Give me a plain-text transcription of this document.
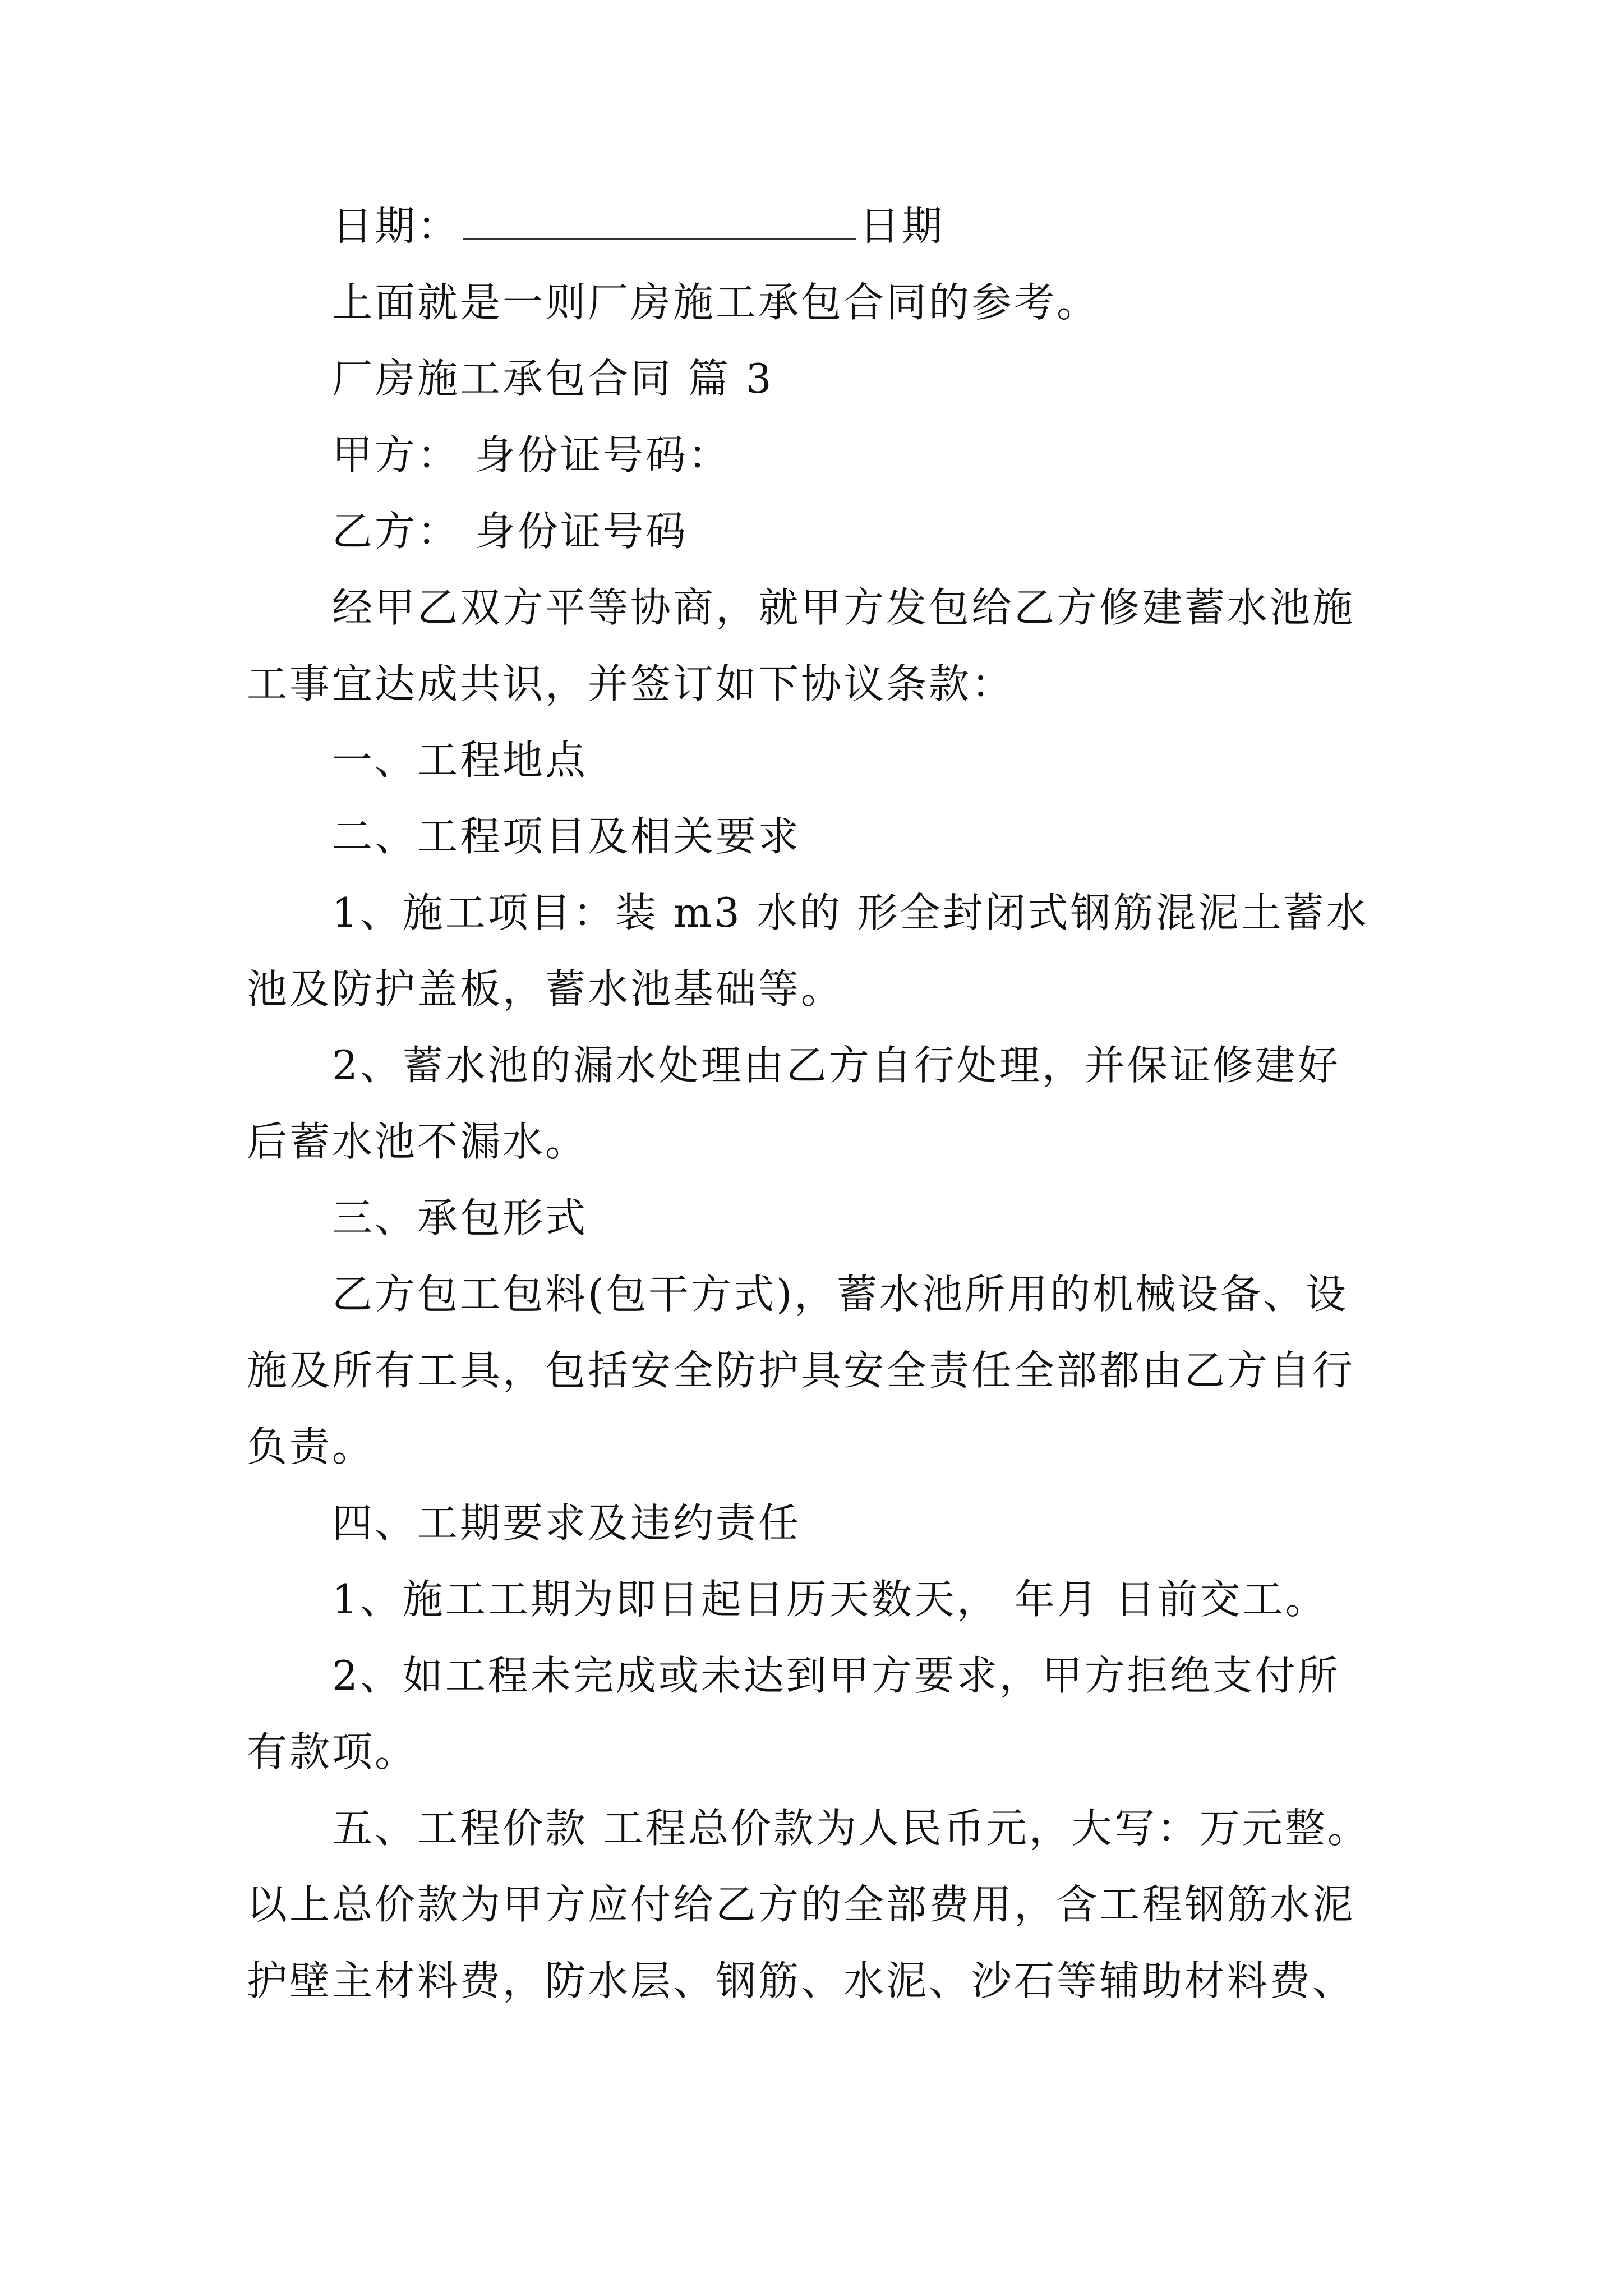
日期：	日期
上面就是一则厂房施工承包合同的参考。
厂房施工承包合同 篇 3
甲方： 身份证号码：
乙方： 身份证号码
经甲乙双方平等协商，就甲方发包给乙方修建蓄水池施
工事宜达成共识，并签订如下协议条款：
一、工程地点
二、工程项目及相关要求
1、施工项目：装 m3 水的 形全封闭式钢筋混泥土蓄水
池及防护盖板，蓄水池基础等。
2、蓄水池的漏水处理由乙方自行处理，并保证修建好
后蓄水池不漏水。
三、承包形式
乙方包工包料(包干方式)，蓄水池所用的机械设备、设
施及所有工具，包括安全防护具安全责任全部都由乙方自行
负责。
四、工期要求及违约责任
1、施工工期为即日起日历天数天， 年月 日前交工。
2、如工程未完成或未达到甲方要求，甲方拒绝支付所
有款项。
五、工程价款 工程总价款为人民币元，大写：万元整。
以上总价款为甲方应付给乙方的全部费用，含工程钢筋水泥
护壁主材料费，防水层、钢筋、水泥、沙石等辅助材料费、
